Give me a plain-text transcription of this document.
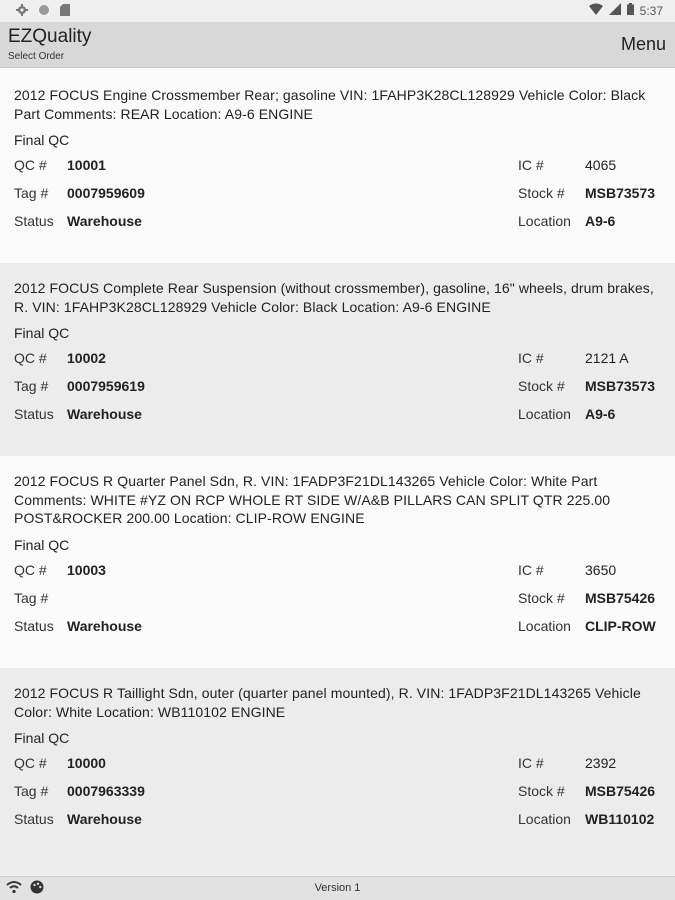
5:37
EZQuality
Select Order
Menu
2012 FOCUS Engine Crossmember Rear; gasoline VIN: 1FAHP3K28CL128929 Vehicle Color: Black Part Comments: REAR Location: A9-6 ENGINE
Final QC
QC # 10001	IC #	4065
Tag # 0007959609	Stock # MSB73573
Status Warehouse	Location A9-6
2012 FOCUS Complete Rear Suspension (without crossmember), gasoline, 16" wheels, drum brakes, R. VIN: 1FAHP3K28CL128929 Vehicle Color: Black Location: A9-6 ENGINE
Final QC
QC # 10002	IC #	2121 A
Tag # 0007959619	Stock # MSB73573
Status Warehouse	Location A9-6
2012 FOCUS R Quarter Panel Sdn, R. VIN: 1FADP3F21DL143265 Vehicle Color: White Part Comments: WHITE #YZ ON RCP WHOLE RT SIDE W/A&B PILLARS CAN SPLIT QTR 225.00 POST&ROCKER 200.00 Location: CLIP-ROW ENGINE
Final QC
QC # 10003	IC #	3650
Tag #	Stock # MSB75426
Status Warehouse	Location CLIP-ROW
2012 FOCUS R Taillight Sdn, outer (quarter panel mounted), R. VIN: 1FADP3F21DL143265 Vehicle Color: White Location: WB110102 ENGINE
Final QC
QC # 10000	IC #	2392
Tag # 0007963339	Stock # MSB75426
Status Warehouse	Location WB110102
Version 1
